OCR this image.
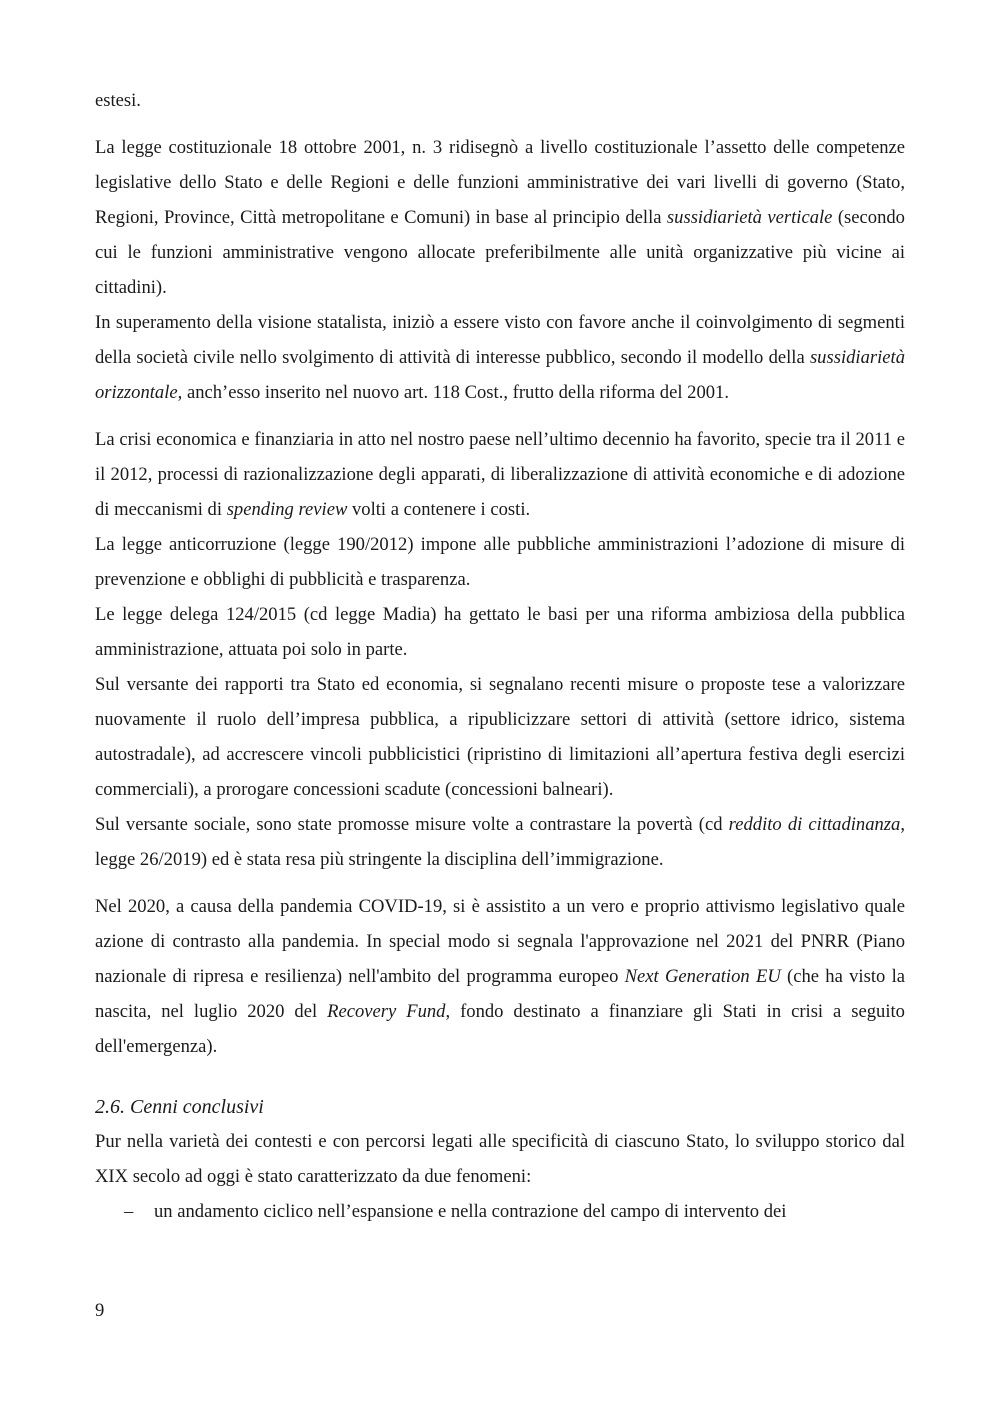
estesi.

La legge costituzionale 18 ottobre 2001, n. 3 ridisegnò a livello costituzionale l’assetto delle competenze legislative dello Stato e delle Regioni e delle funzioni amministrative dei vari livelli di governo (Stato, Regioni, Province, Città metropolitane e Comuni) in base al principio della sussidiarietà verticale (secondo cui le funzioni amministrative vengono allocate preferibilmente alle unità organizzative più vicine ai cittadini).

In superamento della visione statalista, iniziò a essere visto con favore anche il coinvolgimento di segmenti della società civile nello svolgimento di attività di interesse pubblico, secondo il modello della sussidiarietà orizzontale, anch’esso inserito nel nuovo art. 118 Cost., frutto della riforma del 2001.

La crisi economica e finanziaria in atto nel nostro paese nell’ultimo decennio ha favorito, specie tra il 2011 e il 2012, processi di razionalizzazione degli apparati, di liberalizzazione di attività economiche e di adozione di meccanismi di spending review volti a contenere i costi.

La legge anticorruzione (legge 190/2012) impone alle pubbliche amministrazioni l’adozione di misure di prevenzione e obblighi di pubblicità e trasparenza.

Le legge delega 124/2015 (cd legge Madia) ha gettato le basi per una riforma ambiziosa della pubblica amministrazione, attuata poi solo in parte.

Sul versante dei rapporti tra Stato ed economia, si segnalano recenti misure o proposte tese a valorizzare nuovamente il ruolo dell’impresa pubblica, a ripublicizzare settori di attività (settore idrico, sistema autostradale), ad accrescere vincoli pubblicistici (ripristino di limitazioni all’apertura festiva degli esercizi commerciali), a prorogare concessioni scadute (concessioni balneari).

Sul versante sociale, sono state promosse misure volte a contrastare la povertà (cd reddito di cittadinanza, legge 26/2019) ed è stata resa più stringente la disciplina dell’immigrazione.

Nel 2020, a causa della pandemia COVID-19, si è assistito a un vero e proprio attivismo legislativo quale azione di contrasto alla pandemia. In special modo si segnala l'approvazione nel 2021 del PNRR (Piano nazionale di ripresa e resilienza) nell'ambito del programma europeo Next Generation EU (che ha visto la nascita, nel luglio 2020 del Recovery Fund, fondo destinato a finanziare gli Stati in crisi a seguito dell'emergenza).

2.6. Cenni conclusivi

Pur nella varietà dei contesti e con percorsi legati alle specificità di ciascuno Stato, lo sviluppo storico dal XIX secolo ad oggi è stato caratterizzato da due fenomeni:

– un andamento ciclico nell’espansione e nella contrazione del campo di intervento dei

9
